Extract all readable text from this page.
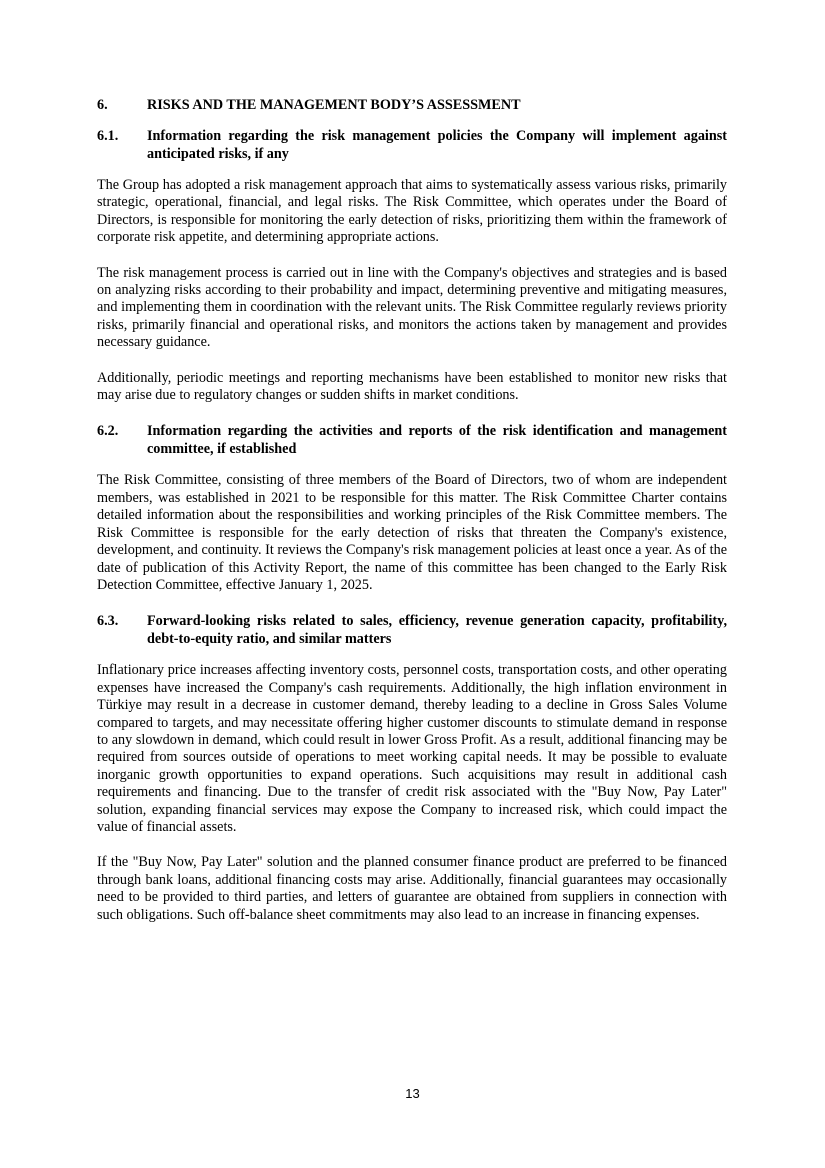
6.	RISKS AND THE MANAGEMENT BODY’S ASSESSMENT
6.1.	Information regarding the risk management policies the Company will implement against anticipated risks, if any

The Group has adopted a risk management approach that aims to systematically assess various risks, primarily strategic, operational, financial, and legal risks. The Risk Committee, which operates under the Board of Directors, is responsible for monitoring the early detection of risks, prioritizing them within the framework of corporate risk appetite, and determining appropriate actions.

The risk management process is carried out in line with the Company's objectives and strategies and is based on analyzing risks according to their probability and impact, determining preventive and mitigating measures, and implementing them in coordination with the relevant units. The Risk Committee regularly reviews priority risks, primarily financial and operational risks, and monitors the actions taken by management and provides necessary guidance.

Additionally, periodic meetings and reporting mechanisms have been established to monitor new risks that may arise due to regulatory changes or sudden shifts in market conditions.

6.2.	Information regarding the activities and reports of the risk identification and management committee, if established

The Risk Committee, consisting of three members of the Board of Directors, two of whom are independent members, was established in 2021 to be responsible for this matter. The Risk Committee Charter contains detailed information about the responsibilities and working principles of the Risk Committee members. The Risk Committee is responsible for the early detection of risks that threaten the Company's existence, development, and continuity. It reviews the Company's risk management policies at least once a year. As of the date of publication of this Activity Report, the name of this committee has been changed to the Early Risk Detection Committee, effective January 1, 2025.

6.3.	Forward-looking risks related to sales, efficiency, revenue generation capacity, profitability, debt-to-equity ratio, and similar matters

Inflationary price increases affecting inventory costs, personnel costs, transportation costs, and other operating expenses have increased the Company's cash requirements. Additionally, the high inflation environment in Türkiye may result in a decrease in customer demand, thereby leading to a decline in Gross Sales Volume compared to targets, and may necessitate offering higher customer discounts to stimulate demand in response to any slowdown in demand, which could result in lower Gross Profit. As a result, additional financing may be required from sources outside of operations to meet working capital needs. It may be possible to evaluate inorganic growth opportunities to expand operations. Such acquisitions may result in additional cash requirements and financing. Due to the transfer of credit risk associated with the "Buy Now, Pay Later" solution, expanding financial services may expose the Company to increased risk, which could impact the value of financial assets.

If the "Buy Now, Pay Later" solution and the planned consumer finance product are preferred to be financed through bank loans, additional financing costs may arise. Additionally, financial guarantees may occasionally need to be provided to third parties, and letters of guarantee are obtained from suppliers in connection with such obligations. Such off-balance sheet commitments may also lead to an increase in financing expenses.

13
